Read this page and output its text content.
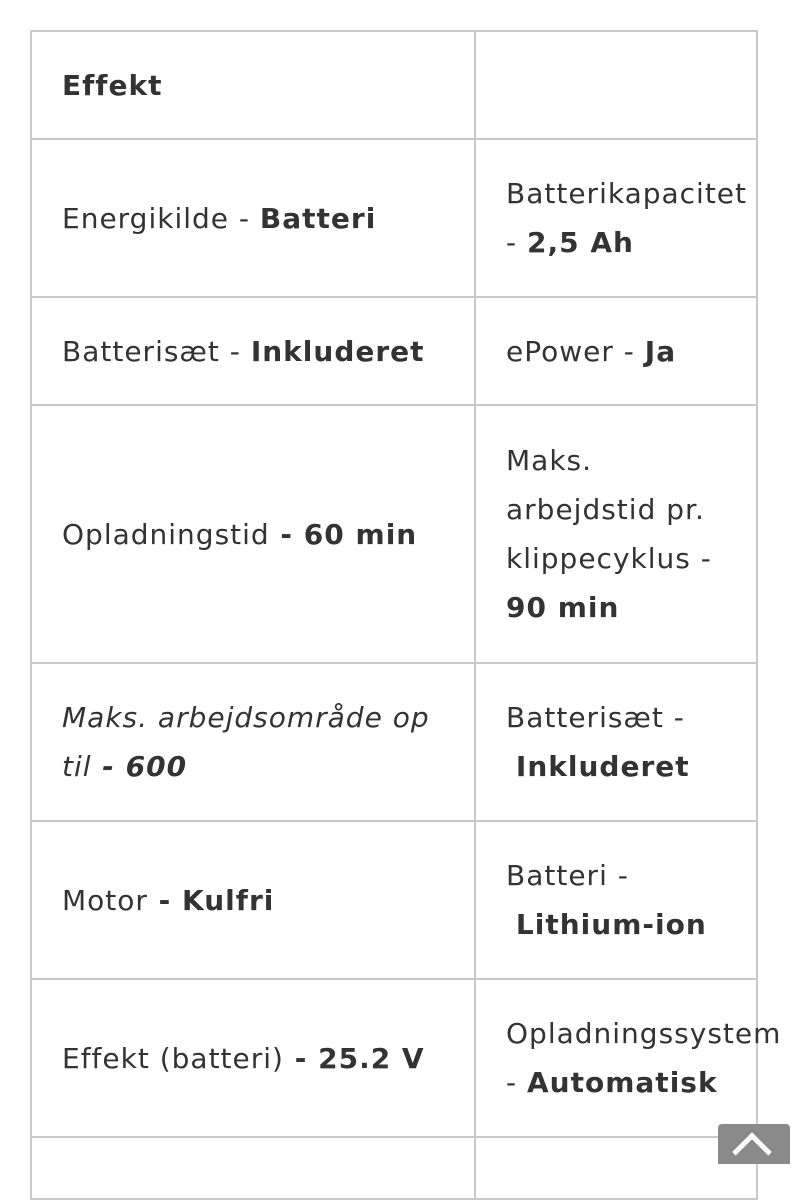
Effekt	
Energikilde - Batteri	Batterikapacitet
- 2,5 Ah
Batterisæt - Inkluderet	ePower - Ja
Opladningstid - 60 min	Maks. arbejdstid pr. klippecyklus -
90 min
Maks. arbejdsområde op til - 600	Batterisæt -
Inkluderet
Motor - Kulfri	Batteri -
Lithium-ion
Effekt (batteri) - 25.2 V	Opladningssystem
- Automatisk
